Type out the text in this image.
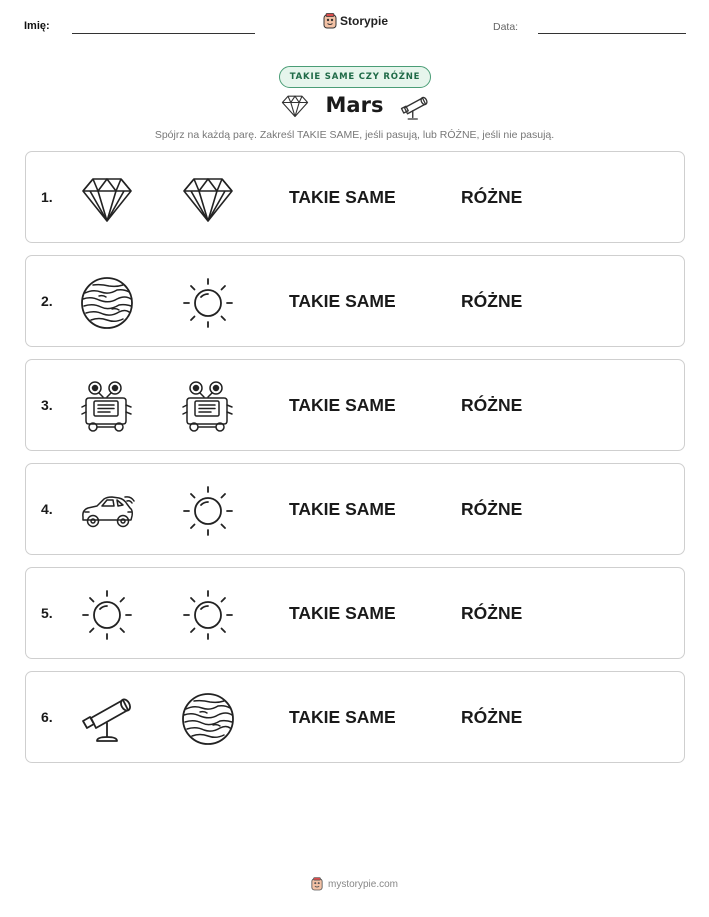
Imię:	Storypie	Data:
TAKIE SAME CZY RÓŻNE
Mars
Spójrz na każdą parę. Zakreśl TAKIE SAME, jeśli pasują, lub RÓŻNE, jeśli nie pasują.
1.	TAKIE SAME	RÓŻNE
2.	TAKIE SAME	RÓŻNE
3.	TAKIE SAME	RÓŻNE
4.	TAKIE SAME	RÓŻNE
5.	TAKIE SAME	RÓŻNE
6.	TAKIE SAME	RÓŻNE
mystorypie.com
